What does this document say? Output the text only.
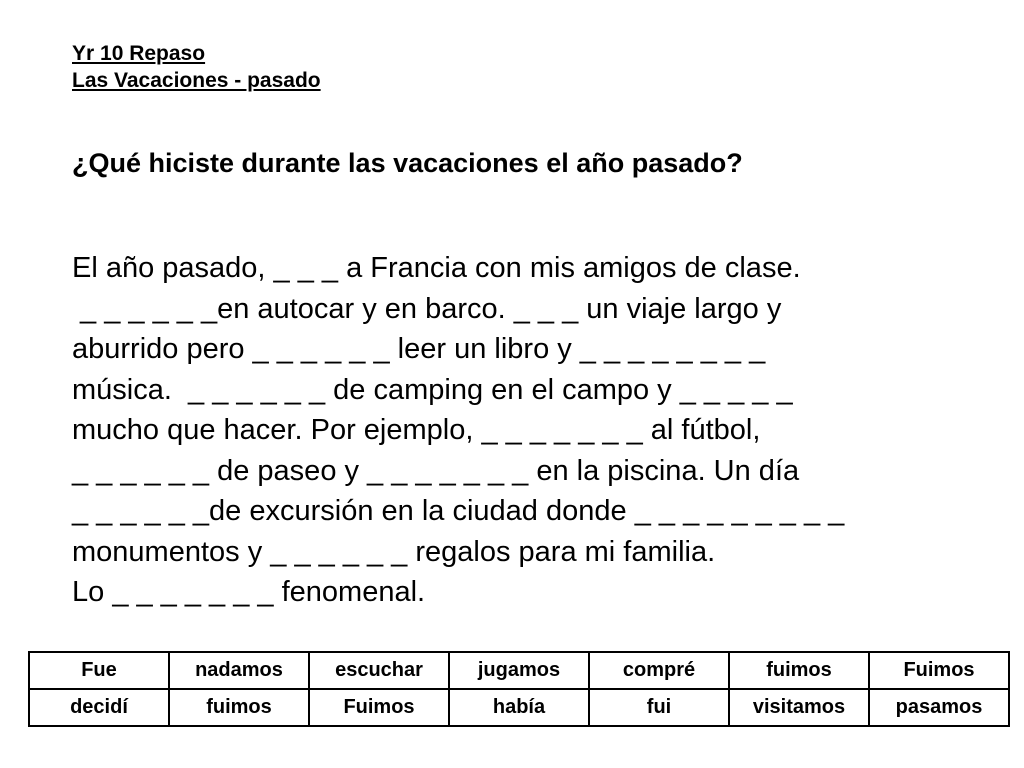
Yr 10 Repaso
Las Vacaciones - pasado
¿Qué hiciste durante las vacaciones el año pasado?
El año pasado, _ _ _ a Francia con mis amigos de clase.
_ _ _ _ _ _en autocar y en barco. _ _ _ un viaje largo y
aburrido pero _ _ _ _ _ _ leer un libro y _ _ _ _ _ _ _ _
música.  _ _ _ _ _ _ de camping en el campo y _ _ _ _ _
mucho que hacer. Por ejemplo, _ _ _ _ _ _ _ al fútbol,
_ _ _ _ _ _ de paseo y _ _ _ _ _ _ _ en la piscina. Un día
_ _ _ _ _ _de excursión en la ciudad donde _ _ _ _ _ _ _ _ _
monumentos y _ _ _ _ _ _ regalos para mi familia.
Lo _ _ _ _ _ _ _ fenomenal.
Fue	nadamos	escuchar	jugamos	compré	fuimos	Fuimos
decidí	fuimos	Fuimos	había	fui	visitamos	pasamos
